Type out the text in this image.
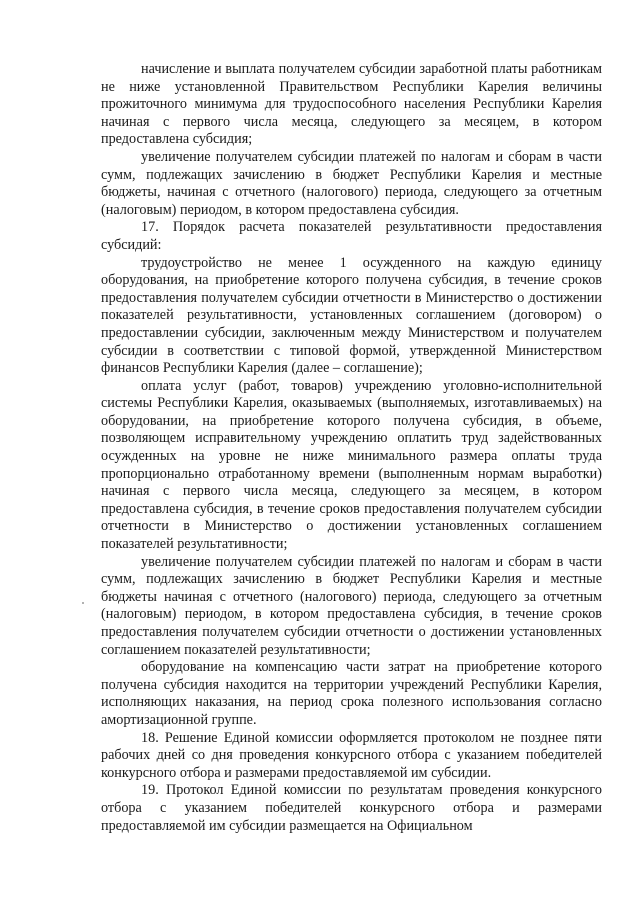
начисление и выплата получателем субсидии заработной платы работникам не ниже установленной Правительством Республики Карелия величины прожиточного минимума для трудоспособного населения Республики Карелия начиная с первого числа месяца, следующего за месяцем, в котором предоставлена субсидия;

увеличение получателем субсидии платежей по налогам и сборам в части сумм, подлежащих зачислению в бюджет Республики Карелия и местные бюджеты, начиная с отчетного (налогового) периода, следующего за отчетным (налоговым) периодом, в котором предоставлена субсидия.

17. Порядок расчета показателей результативности предоставления субсидий:

трудоустройство не менее 1 осужденного на каждую единицу оборудования, на приобретение которого получена субсидия, в течение сроков предоставления получателем субсидии отчетности в Министерство о достижении показателей результативности, установленных соглашением (договором) о предоставлении субсидии, заключенным между Министерством и получателем субсидии в соответствии с типовой формой, утвержденной Министерством финансов Республики Карелия (далее – соглашение);

оплата услуг (работ, товаров) учреждению уголовно-исполнительной системы Республики Карелия, оказываемых (выполняемых, изготавливаемых) на оборудовании, на приобретение которого получена субсидия, в объеме, позволяющем исправительному учреждению оплатить труд задействованных осужденных на уровне не ниже минимального размера оплаты труда пропорционально отработанному времени (выполненным нормам выработки) начиная с первого числа месяца, следующего за месяцем, в котором предоставлена субсидия, в течение сроков предоставления получателем субсидии отчетности в Министерство о достижении установленных соглашением показателей результативности;

увеличение получателем субсидии платежей по налогам и сборам в части сумм, подлежащих зачислению в бюджет Республики Карелия и местные бюджеты начиная с отчетного (налогового) периода, следующего за отчетным (налоговым) периодом, в котором предоставлена субсидия, в течение сроков предоставления получателем субсидии отчетности о достижении установленных соглашением показателей результативности;

оборудование на компенсацию части затрат на приобретение которого получена субсидия находится на территории учреждений Республики Карелия, исполняющих наказания, на период срока полезного использования согласно амортизационной группе.

18. Решение Единой комиссии оформляется протоколом не позднее пяти рабочих дней со дня проведения конкурсного отбора с указанием победителей конкурсного отбора и размерами предоставляемой им субсидии.

19. Протокол Единой комиссии по результатам проведения конкурсного отбора с указанием победителей конкурсного отбора и размерами предоставляемой им субсидии размещается на Официальном
